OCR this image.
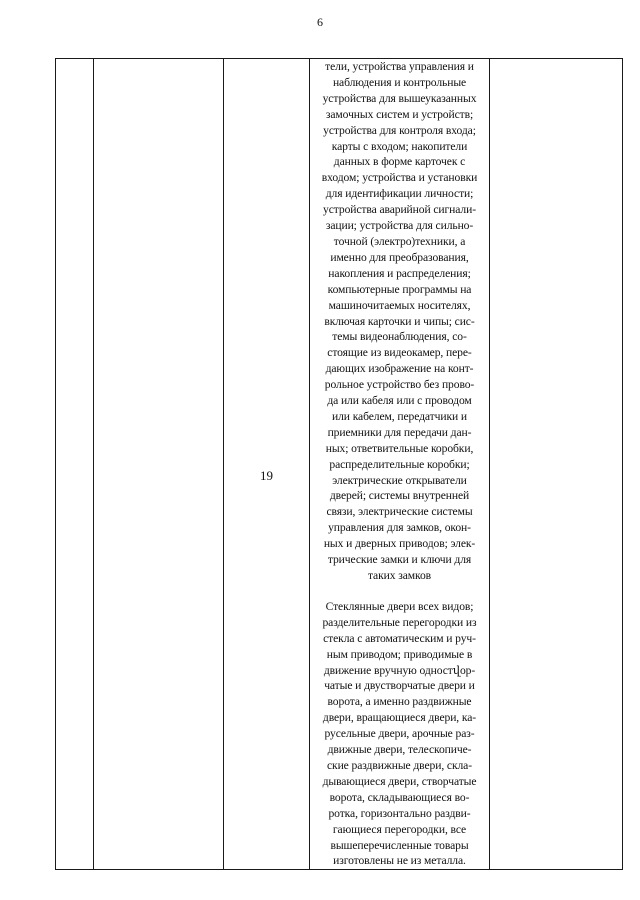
6
		19	
тели, устройства управления и
наблюдения и контрольные
устройства для вышеуказанных
замочных систем и устройств;
устройства для контроля входа;
карты с входом; накопители
данных в форме карточек с
входом; устройства и установки
для идентификации личности;
устройства аварийной сигнали-
зации; устройства для сильно-
точной (электро)техники, а
именно для преобразования,
накопления и распределения;
компьютерные программы на
машиночитаемых носителях,
включая карточки и чипы; сис-
темы видеонаблюдения, со-
стоящие из видеокамер, пере-
дающих изображение на конт-
рольное устройство без прово-
да или кабеля или с проводом
или кабелем, передатчики и
приемники для передачи дан-
ных; ответвительные коробки,
распределительные коробки;
электрические открыватели
дверей; системы внутренней
связи, электрические системы
управления для замков, окон-
ных и дверных приводов; элек-
трические замки и ключи для
таких замков
Стеклянные двери всех видов;
разделительные перегородки из
стекла с автоматическим и руч-
ным приводом; приводимые в
движение вручную одностվор-
чатые и двустворчатые двери и
ворота, а именно раздвижные
двери, вращающиеся двери, ка-
русельные двери, арочные раз-
движные двери, телескопиче-
ские раздвижные двери, скла-
дывающиеся двери, створчатые
ворота, складывающиеся во-
ротка, горизонтально раздви-
гающиеся перегородки, все
вышеперечисленные товары
изготовлены не из металла.
